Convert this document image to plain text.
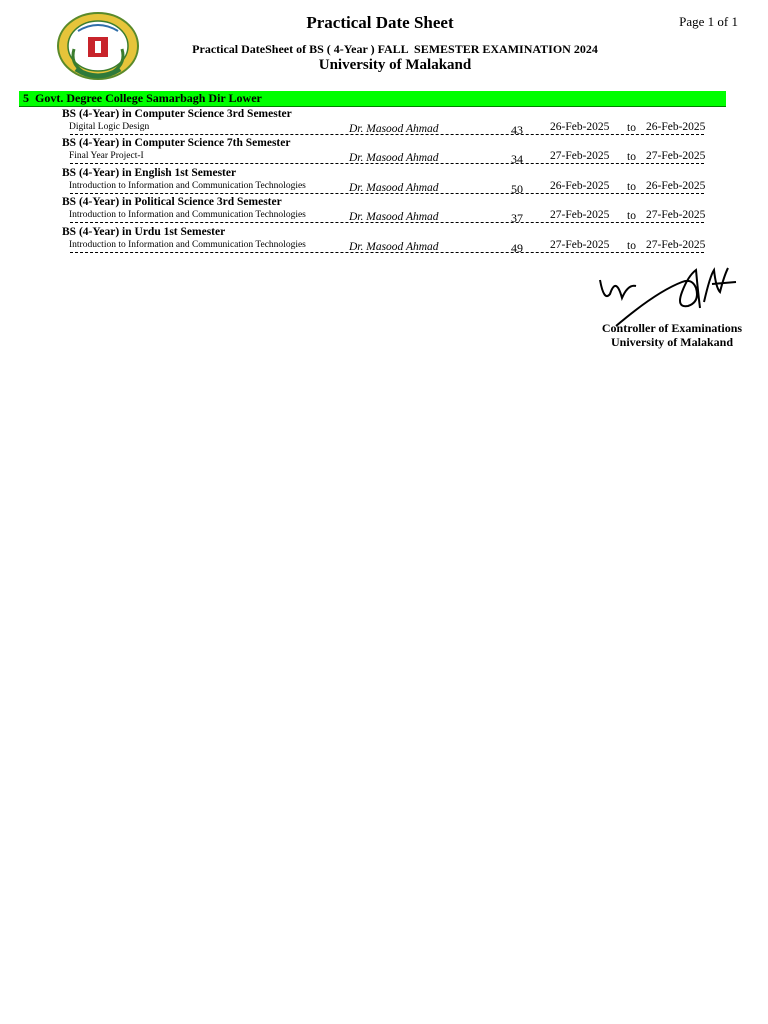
Practical Date Sheet	Page 1 of 1
Practical DateSheet of BS ( 4-Year ) FALL  SEMESTER EXAMINATION 2024
University of Malakand
5 Govt. Degree College Samarbagh Dir Lower
BS (4-Year) in Computer Science 3rd Semester
Digital Logic Design	Dr. Masood Ahmad	43 26-Feb-2025 to 26-Feb-2025
BS (4-Year) in Computer Science 7th Semester
Final Year Project-I	Dr. Masood Ahmad	34 27-Feb-2025 to 27-Feb-2025
BS (4-Year) in English 1st Semester
Introduction to Information and Communication Technologies	Dr. Masood Ahmad	50 26-Feb-2025 to 26-Feb-2025
BS (4-Year) in Political Science 3rd Semester
Introduction to Information and Communication Technologies	Dr. Masood Ahmad	37 27-Feb-2025 to 27-Feb-2025
BS (4-Year) in Urdu 1st Semester
Introduction to Information and Communication Technologies	Dr. Masood Ahmad	49 27-Feb-2025 to 27-Feb-2025
Controller of Examinations
University of Malakand
